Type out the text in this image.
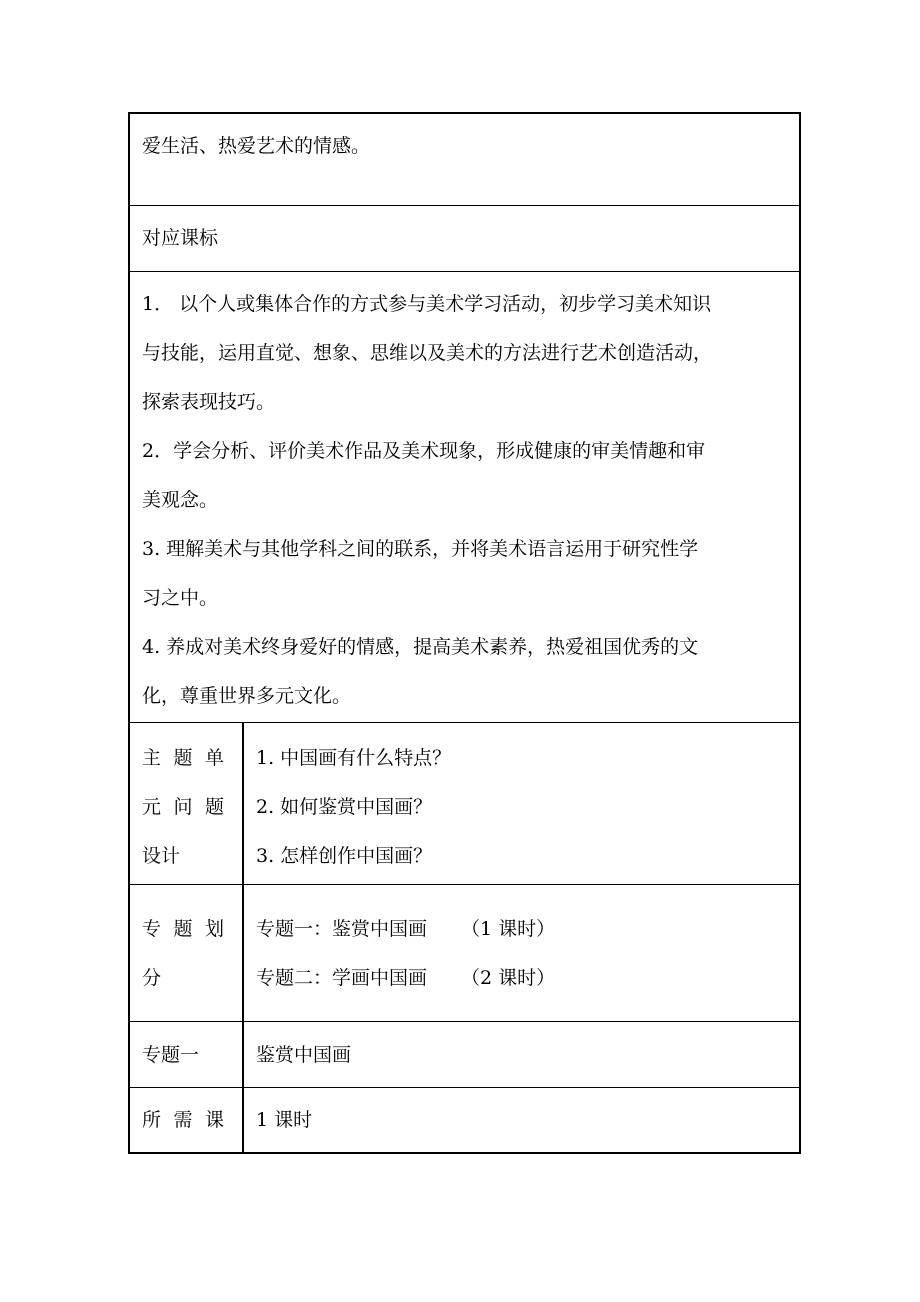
爱生活、热爱艺术的情感。
对应课标
1． 以个人或集体合作的方式参与美术学习活动，初步学习美术知识
与技能，运用直觉、想象、思维以及美术的方法进行艺术创造活动，
探索表现技巧。
2．学会分析、评价美术作品及美术现象，形成健康的审美情趣和审
美观念。
3. 理解美术与其他学科之间的联系，并将美术语言运用于研究性学
习之中。
4. 养成对美术终身爱好的情感，提高美术素养，热爱祖国优秀的文
化，尊重世界多元文化。
主 题 单
元 问 题
设计
1. 中国画有什么特点？
2. 如何鉴赏中国画？
3. 怎样创作中国画？
专 题 划
分
专题一：鉴赏中国画 （1 课时）
专题二：学画中国画 （2 课时）
专题一	鉴赏中国画
所 需 课	1 课时
